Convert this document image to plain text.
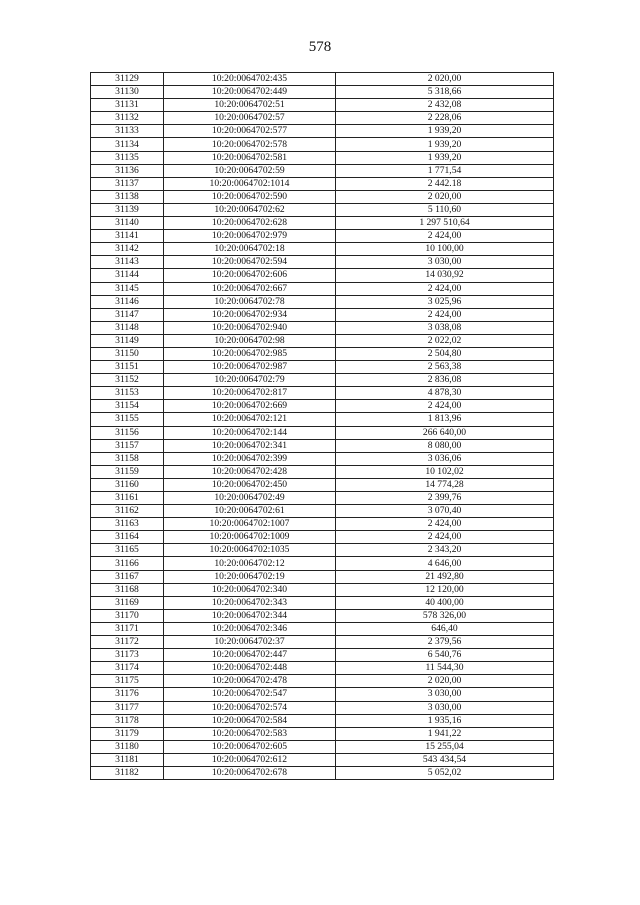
578
31129	10:20:0064702:435	2 020,00
31130	10:20:0064702:449	5 318,66
31131	10:20:0064702:51	2 432,08
31132	10:20:0064702:57	2 228,06
31133	10:20:0064702:577	1 939,20
31134	10:20:0064702:578	1 939,20
31135	10:20:0064702:581	1 939,20
31136	10:20:0064702:59	1 771,54
31137	10:20:0064702:1014	2 442.18
31138	10:20:0064702:590	2 020,00
31139	10:20:0064702:62	5 110,60
31140	10:20:0064702:628	1 297 510,64
31141	10:20:0064702:979	2 424,00
31142	10:20:0064702:18	10 100,00
31143	10:20:0064702:594	3 030,00
31144	10:20:0064702:606	14 030,92
31145	10:20:0064702:667	2 424,00
31146	10:20:0064702:78	3 025,96
31147	10:20:0064702:934	2 424,00
31148	10:20:0064702:940	3 038,08
31149	10:20:0064702:98	2 022,02
31150	10:20:0064702:985	2 504,80
31151	10:20:0064702:987	2 563,38
31152	10:20:0064702:79	2 836,08
31153	10:20:0064702:817	4 878,30
31154	10:20:0064702:669	2 424,00
31155	10:20:0064702:121	1 813,96
31156	10:20:0064702:144	266 640,00
31157	10:20:0064702:341	8 080,00
31158	10:20:0064702:399	3 036,06
31159	10:20:0064702:428	10 102,02
31160	10:20:0064702:450	14 774,28
31161	10:20:0064702:49	2 399,76
31162	10:20:0064702:61	3 070,40
31163	10:20:0064702:1007	2 424,00
31164	10:20:0064702:1009	2 424,00
31165	10:20:0064702:1035	2 343,20
31166	10:20:0064702:12	4 646,00
31167	10:20:0064702:19	21 492,80
31168	10:20:0064702:340	12 120,00
31169	10:20:0064702:343	40 400,00
31170	10:20:0064702:344	578 326,00
31171	10:20:0064702:346	646,40
31172	10:20:0064702:37	2 379,56
31173	10:20:0064702:447	6 540,76
31174	10:20:0064702:448	11 544,30
31175	10:20:0064702:478	2 020,00
31176	10:20:0064702:547	3 030,00
31177	10:20:0064702:574	3 030,00
31178	10:20:0064702:584	1 935,16
31179	10:20:0064702:583	1 941,22
31180	10:20:0064702:605	15 255,04
31181	10:20:0064702:612	543 434,54
31182	10:20:0064702:678	5 052,02
